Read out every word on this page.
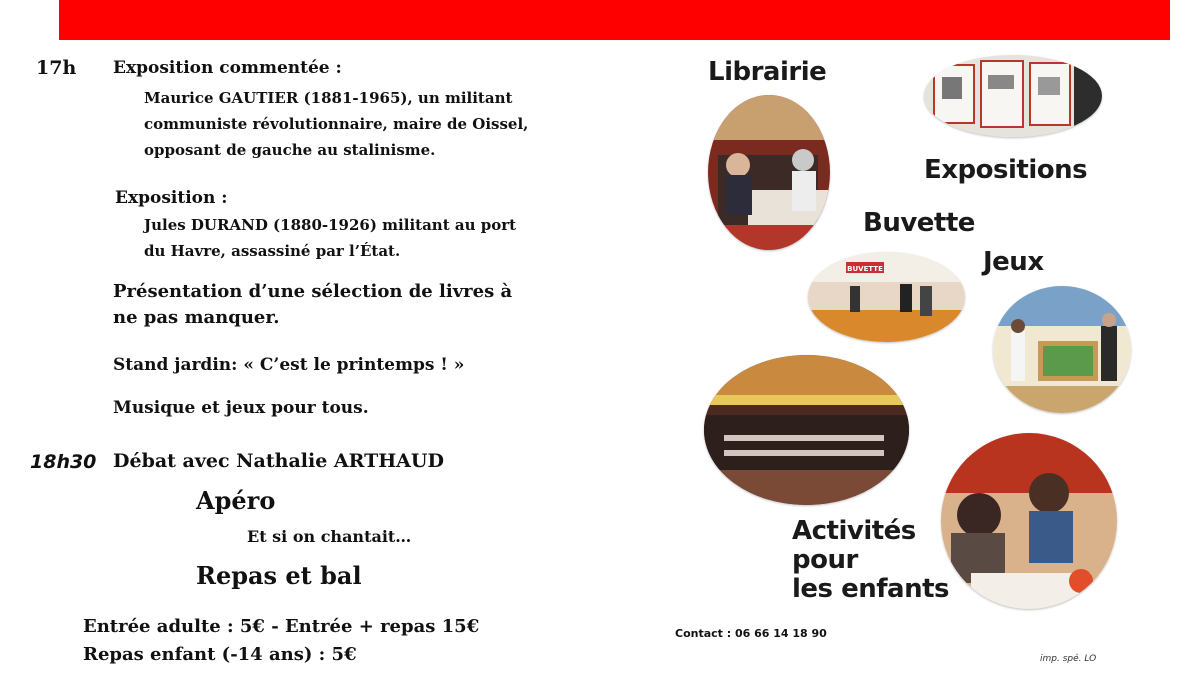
17h Exposition commentée :
Maurice GAUTIER (1881-1965), un militant
communiste révolutionnaire, maire de Oissel,
opposant de gauche au stalinisme.
Exposition :
Jules DURAND (1880-1926) militant au port
du Havre, assassiné par l’État.
Présentation d’une sélection de livres à
ne pas manquer.
Stand jardin: « C’est le printemps ! »
Musique et jeux pour tous.
18h30 Débat avec Nathalie ARTHAUD
Apéro
Et si on chantait…
Repas et bal
Entrée adulte : 5€ - Entrée + repas 15€
Repas enfant (-14 ans) : 5€
Librairie
Expositions
Buvette
Jeux
Activités
pour
les enfants
BUVETTE
Contact : 06 66 14 18 90
imp. spé. LO
